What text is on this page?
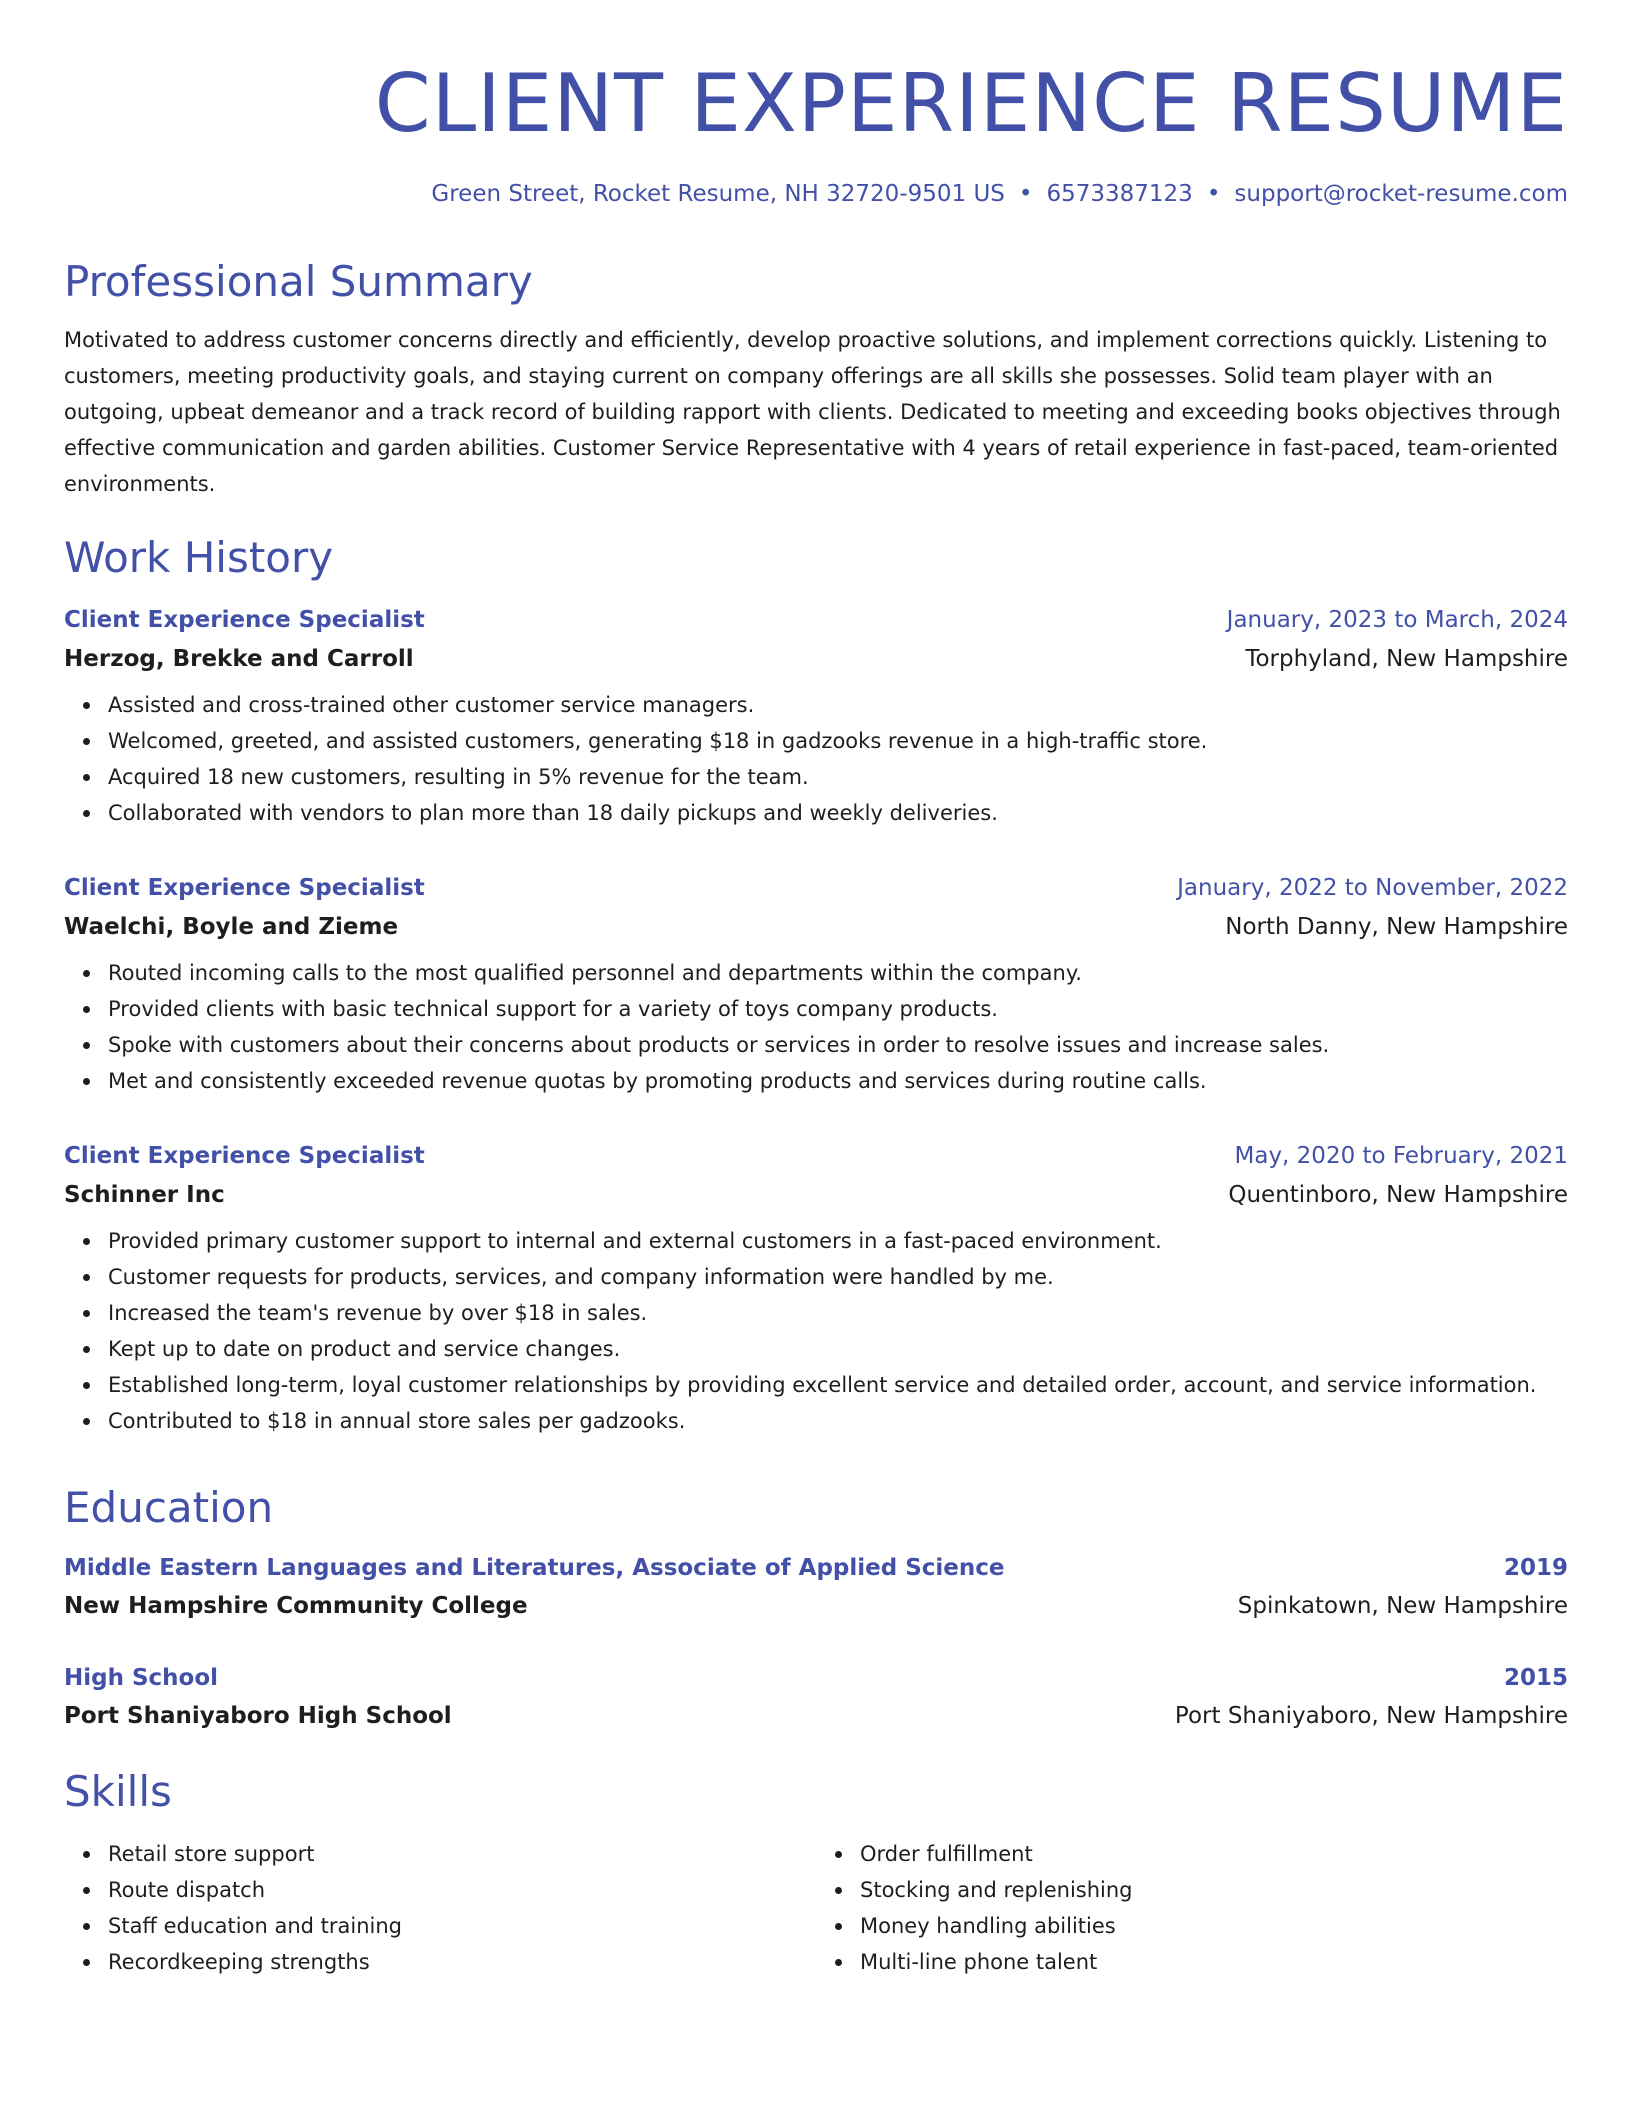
CLIENT EXPERIENCE RESUME
Green Street, Rocket Resume, NH 32720-9501 US • 6573387123 • support@rocket-resume.com
Professional Summary

Motivated to address customer concerns directly and efficiently, develop proactive solutions, and implement corrections quickly. Listening to customers, meeting productivity goals, and staying current on company offerings are all skills she possesses. Solid team player with an outgoing, upbeat demeanor and a track record of building rapport with clients. Dedicated to meeting and exceeding books objectives through effective communication and garden abilities. Customer Service Representative with 4 years of retail experience in fast-paced, team-oriented environments.

Work History
Client Experience Specialist	January, 2023 to March, 2024
Herzog, Brekke and Carroll	Torphyland, New Hampshire
Assisted and cross-trained other customer service managers.
Welcomed, greeted, and assisted customers, generating $18 in gadzooks revenue in a high-traffic store.
Acquired 18 new customers, resulting in 5% revenue for the team.
Collaborated with vendors to plan more than 18 daily pickups and weekly deliveries.
Client Experience Specialist	January, 2022 to November, 2022
Waelchi, Boyle and Zieme	North Danny, New Hampshire
Routed incoming calls to the most qualified personnel and departments within the company.
Provided clients with basic technical support for a variety of toys company products.
Spoke with customers about their concerns about products or services in order to resolve issues and increase sales.
Met and consistently exceeded revenue quotas by promoting products and services during routine calls.
Client Experience Specialist	May, 2020 to February, 2021
Schinner Inc	Quentinboro, New Hampshire
Provided primary customer support to internal and external customers in a fast-paced environment.
Customer requests for products, services, and company information were handled by me.
Increased the team's revenue by over $18 in sales.
Kept up to date on product and service changes.
Established long-term, loyal customer relationships by providing excellent service and detailed order, account, and service information.
Contributed to $18 in annual store sales per gadzooks.
Education
Middle Eastern Languages and Literatures, Associate of Applied Science	2019
New Hampshire Community College	Spinkatown, New Hampshire
High School	2015
Port Shaniyaboro High School	Port Shaniyaboro, New Hampshire
Skills
Retail store support
Route dispatch
Staff education and training
Recordkeeping strengths
Order fulfillment
Stocking and replenishing
Money handling abilities
Multi-line phone talent
